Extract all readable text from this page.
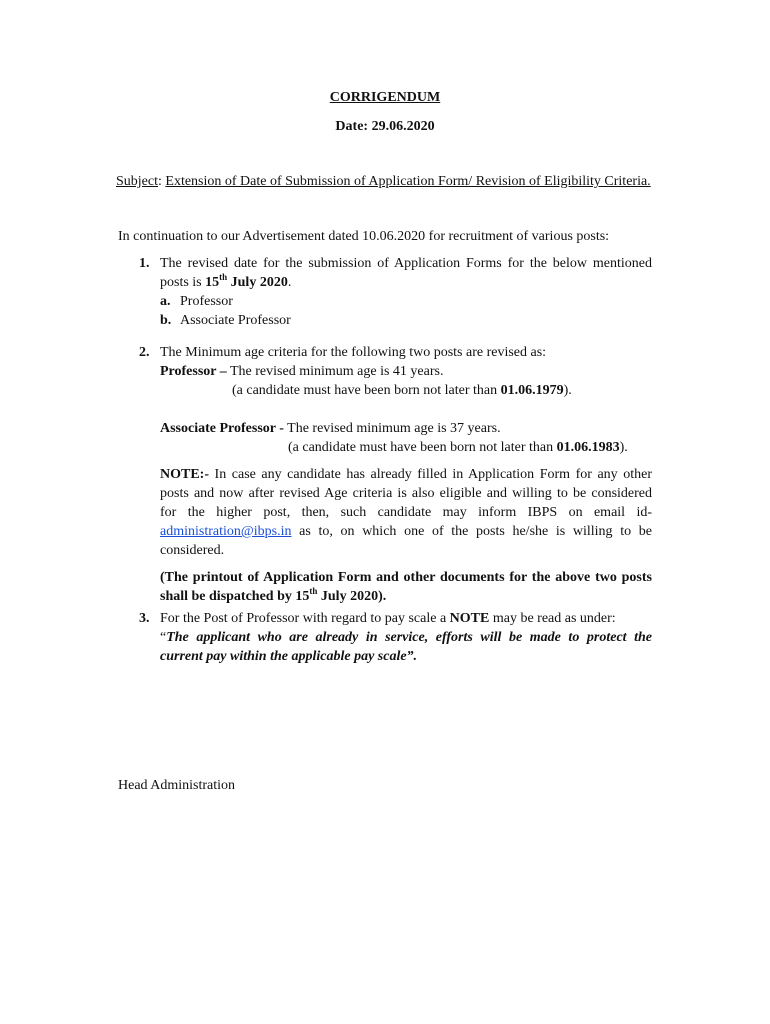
CORRIGENDUM
Date: 29.06.2020
Subject: Extension of Date of Submission of Application Form/ Revision of Eligibility Criteria.
In continuation to our Advertisement dated 10.06.2020 for recruitment of various posts:
1. The revised date for the submission of Application Forms for the below mentioned
posts is 15th July 2020.
a. Professor
b. Associate Professor
2. The Minimum age criteria for the following two posts are revised as:
Professor – The revised minimum age is 41 years.
(a candidate must have been born not later than 01.06.1979).
Associate Professor - The revised minimum age is 37 years.
(a candidate must have been born not later than 01.06.1983).
NOTE:- In case any candidate has already filled in Application Form for any other
posts and now after revised Age criteria is also eligible and willing to be considered
for the higher post, then, such candidate may inform IBPS on email id-
administration@ibps.in as to, on which one of the posts he/she is willing to be
considered.
(The printout of Application Form and other documents for the above two posts
shall be dispatched by 15th July 2020).
3. For the Post of Professor with regard to pay scale a NOTE may be read as under:
“The applicant who are already in service, efforts will be made to protect the
current pay within the applicable pay scale”.
Head Administration
